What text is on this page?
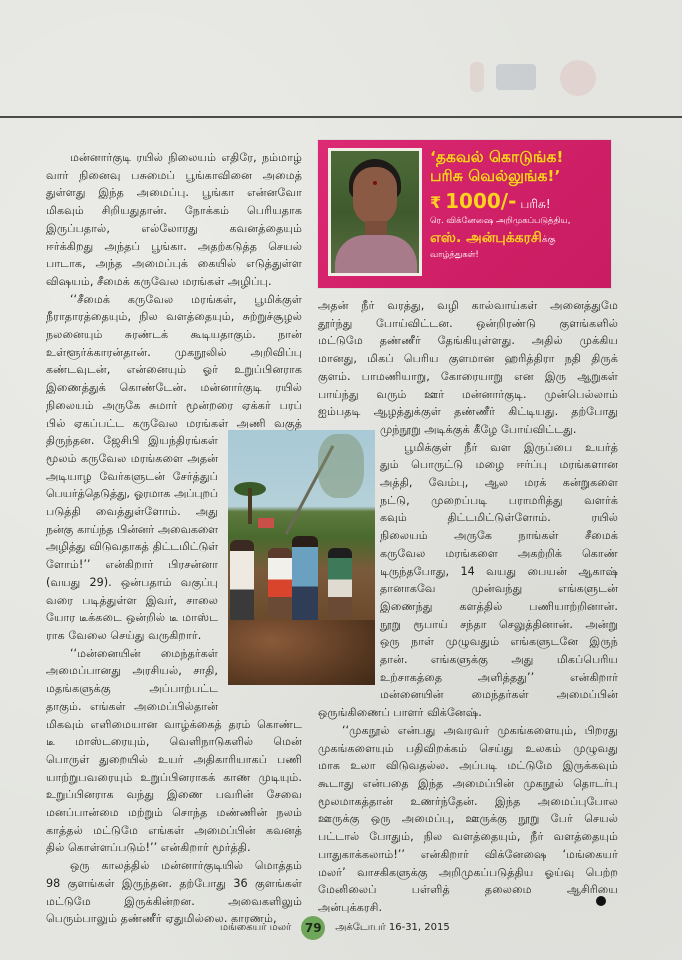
‘தகவல் கொடுங்க!
பரிசு வெல்லுங்க!’
₹ 1000/- பரிசு!
ரெ. விக்னேஷை அறிமுகப்படுத்திய,
எஸ். அன்புக்கரசிக்கு
வாழ்த்துகள்!
மன்னார்குடி ரயில் நிலையம் எதிரே, நம்மாழ்
வார் நினைவு பசுமைப் பூங்காவினை அமைத்
துள்ளது இந்த அமைப்பு. பூங்கா என்னவோ
மிகவும் சிறியதுதான். நோக்கம் பெரியதாக
இருப்பதால், எல்லோரது கவனத்தையும்
ஈர்க்கிறது அந்தப் பூங்கா. அதற்கடுத்த செயல்
பாடாக, அந்த அமைப்புக் கையில் எடுத்துள்ள
விஷயம், சீமைக் கருவேல மரங்கள் அழிப்பு.
‘‘சீமைக் கருவேல மரங்கள், பூமிக்குள்
நீராதாரத்தையும், நில வளத்தையும், சுற்றுச்சூழல்
நலனையும் சுரண்டக் கூடியதாகும். நான்
உள்ளூர்க்காரன்தான். முகநூலில் அறிவிப்பு
கண்டவுடன், என்னையும் ஓர் உறுப்பினராக
இணைத்துக் கொண்டேன். மன்னார்குடி ரயில்
நிலையம் அருகே சுமார் மூன்றரை ஏக்கர் பரப்
பில் ஏகப்பட்ட கருவேல மரங்கள் அணி வகுத்
திருந்தன. ஜேசிபி இயந்திரங்கள்
மூலம் கருவேல மரங்களை அதன்
அடியாழ வேர்களுடன் சேர்த்துப்
பெயர்த்தெடுத்து, ஓரமாக அப்புறப்
படுத்தி வைத்துள்ளோம். அது
நன்கு காய்ந்த பின்னர் அவைகளை
அழித்து விடுவதாகத் திட்டமிட்டுள்
ளோம்!’’ என்கிறார் பிரசன்னா
(வயது 29). ஒன்பதாம் வகுப்பு
வரை படித்துள்ள இவர், சாலை
யோர டீக்கடை ஒன்றில் டீ மாஸ்ட
ராக வேலை செய்து வருகிறார்.
‘‘மன்னையின் மைந்தர்கள்
அமைப்பானது அரசியல், சாதி,
மதங்களுக்கு அப்பாற்பட்ட
தாகும். எங்கள் அமைப்பில்தான்
மிகவும் எளிமையான வாழ்க்கைத் தரம் கொண்ட
டீ மாஸ்டரையும், வெளிநாடுகளில் மென்
பொருள் துறையில் உயர் அதிகாரியாகப் பணி
யாற்றுபவரையும் உறுப்பினராகக் காண முடியும்.
உறுப்பினராக வந்து இணை பவரின் சேவை
மனப்பான்மை மற்றும் சொந்த மண்ணின் நலம்
காத்தல் மட்டுமே எங்கள் அமைப்பின் கவனத்
தில் கொள்ளப்படும்!’’ என்கிறார் மூர்த்தி.
ஒரு காலத்தில் மன்னார்குடியில் மொத்தம்
98 குளங்கள் இருந்தன. தற்போது 36 குளங்கள்
மட்டுமே இருக்கின்றன. அவைகளிலும்
பெரும்பாலும் தண்ணீர் ஏதுமில்லை. காரணம்,
அதன் நீர் வரத்து, வழி கால்வாய்கள் அனைத்துமே
தூர்ந்து போய்விட்டன. ஒன்றிரண்டு குளங்களில்
மட்டுமே தண்ணீர் தேங்கியுள்ளது. அதில் முக்கிய
மானது, மிகப் பெரிய குளமான ஹரித்திரா நதி திருக்
குளம். பாமணியாறு, கோரையாறு என இரு ஆறுகள்
பாய்ந்து வரும் ஊர் மன்னார்குடி. முன்பெல்லாம்
ஐம்பதடி ஆழத்துக்குள் தண்ணீர் கிட்டியது. தற்போது
முந்நூறு அடிக்குக் கீழே போய்விட்டது.
பூமிக்குள் நீர் வள இருப்பை உயர்த்
தும் பொருட்டு மழை ஈர்ப்பு மரங்களான
அத்தி, வேம்பு, ஆல மரக் கன்றுகளை
நட்டு, முறைப்படி பராமரித்து வளர்க்
கவும் திட்டமிட்டுள்ளோம். ரயில்
நிலையம் அருகே நாங்கள் சீமைக்
கருவேல மரங்களை அகற்றிக் கொண்
டிருந்தபோது, 14 வயது பையன் ஆகாஷ்
தானாகவே முன்வந்து எங்களுடன்
இணைந்து களத்தில் பணியாற்றினான்.
நூறு ரூபாய் சந்தா செலுத்தினான். அன்று
ஒரு நாள் முழுவதும் எங்களுடனே இருந்
தான். எங்களுக்கு அது மிகப்பெரிய
உற்சாகத்தை அளித்தது’’ என்கிறார்
மன்னையின் மைந்தர்கள் அமைப்பின்
ஒருங்கிணைப் பாளர் விக்னேஷ்.
‘‘முகநூல் என்பது அவரவர் முகங்களையும், பிறரது
முகங்களையும் பதிவிறக்கம் செய்து உலகம் முழுவது
மாக உலா விடுவதல்ல. அப்படி மட்டுமே இருக்கவும்
கூடாது என்பதை இந்த அமைப்பின் முகநூல் தொடர்பு
மூலமாகத்தான் உணர்ந்தேன். இந்த அமைப்புபோல
ஊருக்கு ஒரு அமைப்பு, ஊருக்கு நூறு பேர் செயல்
பட்டால் போதும், நில வளத்தையும், நீர் வளத்தையும்
பாதுகாக்கலாம்!’’ என்கிறார் விக்னேஷை ‘மங்கையர்
மலர்’ வாசகிகளுக்கு அறிமுகப்படுத்திய ஓய்வு பெற்ற
மேனிலைப் பள்ளித் தலைமை ஆசிரியை
அன்புக்கரசி.
மங்கையர் மலர்	79	அக்டோபர் 16-31, 2015
